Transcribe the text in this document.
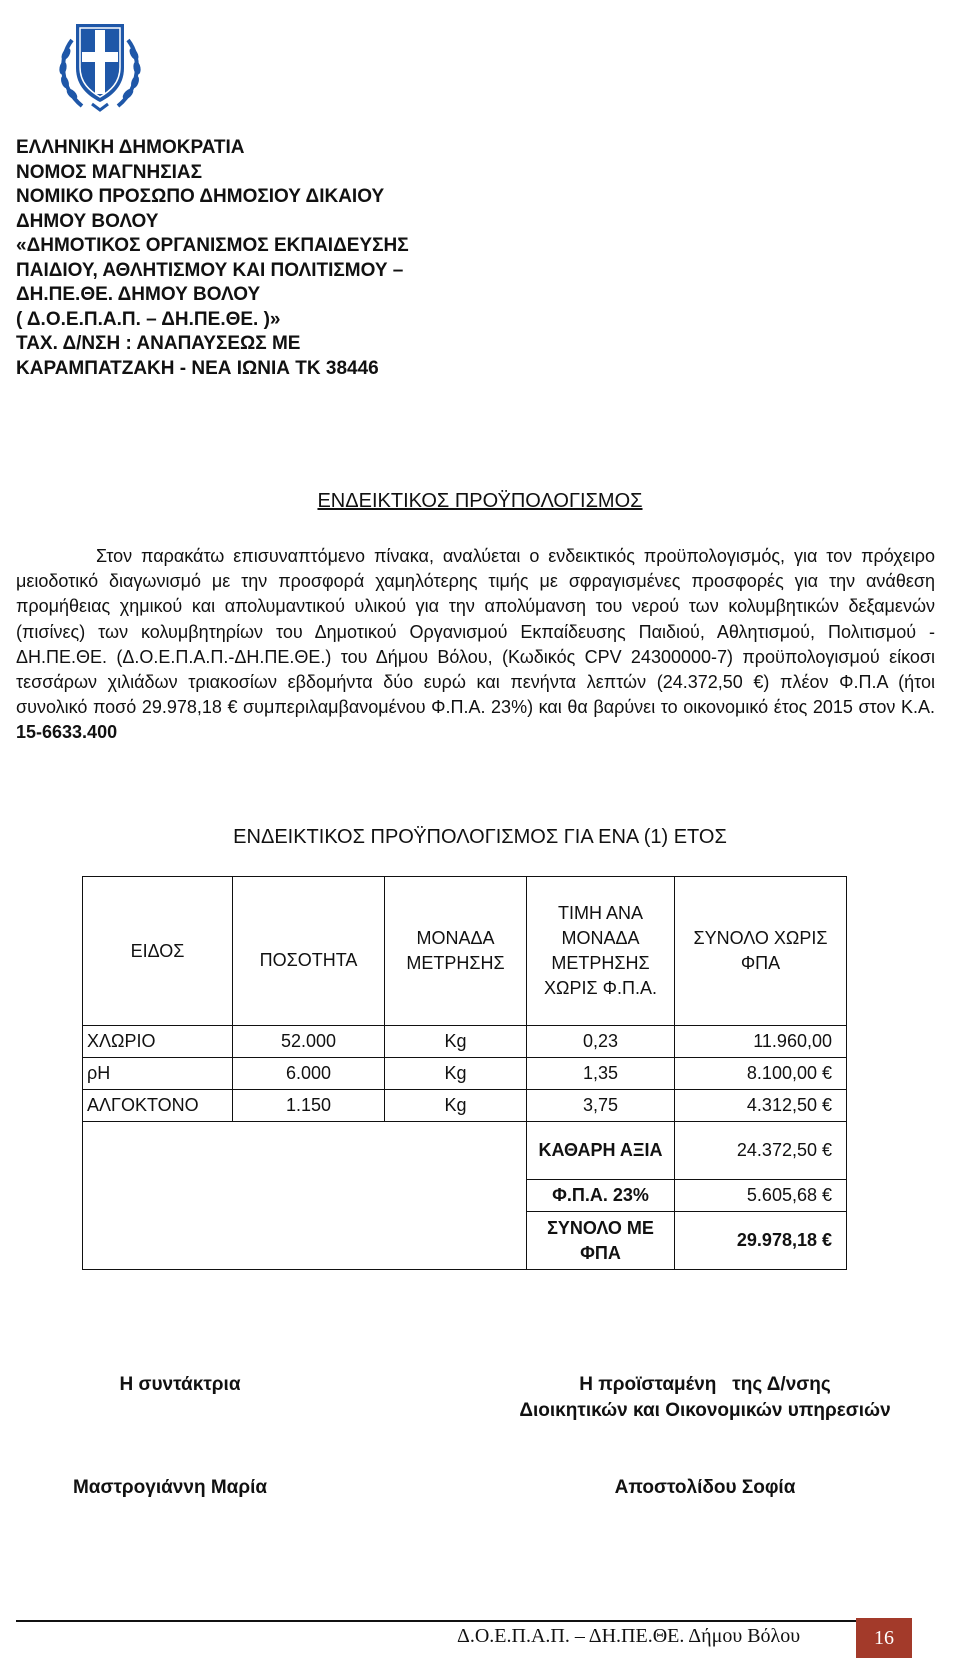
ΕΛΛΗΝΙΚΗ ΔΗΜΟΚΡΑΤΙΑ
ΝΟΜΟΣ ΜΑΓΝΗΣΙΑΣ
ΝΟΜΙΚΟ ΠΡΟΣΩΠΟ ΔΗΜΟΣΙΟΥ ΔΙΚΑΙΟΥ
ΔΗΜΟΥ ΒΟΛΟΥ
«ΔΗΜΟΤΙΚΟΣ ΟΡΓΑΝΙΣΜΟΣ ΕΚΠΑΙΔΕΥΣΗΣ
ΠΑΙΔΙΟΥ, ΑΘΛΗΤΙΣΜΟΥ ΚΑΙ ΠΟΛΙΤΙΣΜΟΥ –
ΔΗ.ΠΕ.ΘΕ. ΔΗΜΟΥ ΒΟΛΟΥ
( Δ.Ο.Ε.Π.Α.Π. – ΔΗ.ΠΕ.ΘΕ. )»
ΤΑΧ. Δ/ΝΣΗ : ΑΝΑΠΑΥΣΕΩΣ ΜΕ
ΚΑΡΑΜΠΑΤΖΑΚΗ - ΝΕΑ ΙΩΝΙΑ ΤΚ 38446
ΕΝΔΕΙΚΤΙΚΟΣ ΠΡΟΫΠΟΛΟΓΙΣΜΟΣ

Στον παρακάτω επισυναπτόμενο πίνακα, αναλύεται ο ενδεικτικός προϋπολογισμός, για τον πρόχειρο μειοδοτικό διαγωνισμό με την προσφορά χαμηλότερης τιμής με σφραγισμένες προσφορές για την ανάθεση προμήθειας χημικού και απολυμαντικού υλικού για την απολύμανση του νερού των κολυμβητικών δεξαμενών (πισίνες) των κολυμβητηρίων του Δημοτικού Οργανισμού Εκπαίδευσης Παιδιού, Αθλητισμού, Πολιτισμού - ΔΗ.ΠΕ.ΘΕ. (Δ.Ο.Ε.Π.Α.Π.-ΔΗ.ΠΕ.ΘΕ.) του Δήμου Βόλου, (Κωδικός CPV 24300000-7) προϋπολογισμού είκοσι τεσσάρων χιλιάδων τριακοσίων εβδομήντα δύο ευρώ και πενήντα λεπτών (24.372,50 €) πλέον Φ.Π.Α (ήτοι συνολικό ποσό 29.978,18 € συμπεριλαμβανομένου Φ.Π.Α. 23%) και θα βαρύνει το οικονομικό έτος 2015 στον Κ.Α. 15-6633.400

ΕΝΔΕΙΚΤΙΚΟΣ ΠΡΟΫΠΟΛΟΓΙΣΜΟΣ ΓΙΑ ΕΝΑ (1) ΕΤΟΣ
ΕΙΔΟΣ	ΠΟΣΟΤΗΤΑ	ΜΟΝΑΔΑ ΜΕΤΡΗΣΗΣ	ΤΙΜΗ ΑΝΑ ΜΟΝΑΔΑ ΜΕΤΡΗΣΗΣ ΧΩΡΙΣ Φ.Π.Α.	ΣΥΝΟΛΟ ΧΩΡΙΣ ΦΠΑ
ΧΛΩΡΙΟ	52.000	Kg	0,23	11.960,00
ρΗ	6.000	Kg	1,35	8.100,00 €
ΑΛΓΟΚΤΟΝΟ	1.150	Kg	3,75	4.312,50 €
			ΚΑΘΑΡΗ ΑΞΙΑ	24.372,50 €
			Φ.Π.Α. 23%	5.605,68 €
			ΣΥΝΟΛΟ ΜΕ ΦΠΑ	29.978,18 €
Η συντάκτρια	Η προϊσταμένη   της Δ/νσης
Διοικητικών και Οικονομικών υπηρεσιών
Μαστρογιάννη Μαρία	Αποστολίδου Σοφία
Δ.Ο.Ε.Π.Α.Π. – ΔΗ.ΠΕ.ΘΕ. Δήμου Βόλου	16
